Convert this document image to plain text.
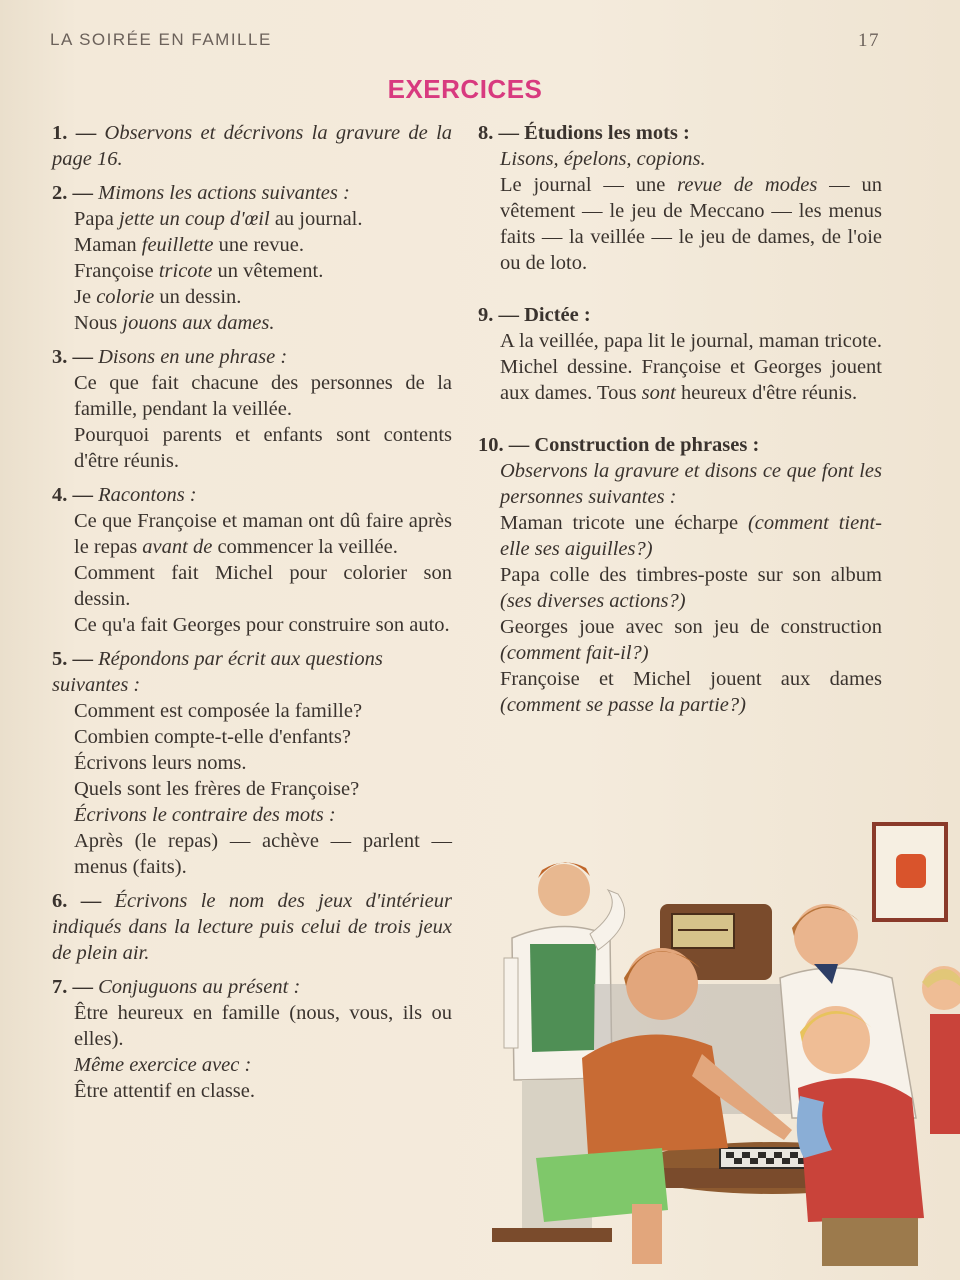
LA SOIRÉE EN FAMILLE	17
EXERCICES

1. — Observons et décrivons la gravure de la page 16.

2. — Mimons les actions suivantes :

Papa jette un coup d'œil au journal.

Maman feuillette une revue.

Françoise tricote un vêtement.

Je colorie un dessin.

Nous jouons aux dames.

3. — Disons en une phrase :

Ce que fait chacune des personnes de la famille, pendant la veillée.

Pourquoi parents et enfants sont contents d'être réunis.

4. — Racontons :

Ce que Françoise et maman ont dû faire après le repas avant de commencer la veillée.

Comment fait Michel pour colorier son dessin.

Ce qu'a fait Georges pour construire son auto.

5. — Répondons par écrit aux questions suivantes :

Comment est composée la famille?

Combien compte-t-elle d'enfants?

Écrivons leurs noms.

Quels sont les frères de Françoise?

Écrivons le contraire des mots :

Après (le repas) — achève — parlent — menus (faits).

6. — Écrivons le nom des jeux d'intérieur indiqués dans la lecture puis celui de trois jeux de plein air.

7. — Conjuguons au présent :

Être heureux en famille (nous, vous, ils ou elles).

Même exercice avec :

Être attentif en classe.

8. — Étudions les mots :

Lisons, épelons, copions.

Le journal — une revue de modes — un vêtement — le jeu de Meccano — les menus faits — la veillée — le jeu de dames, de l'oie ou de loto.

9. — Dictée :

A la veillée, papa lit le journal, maman tricote. Michel dessine. Françoise et Georges jouent aux dames. Tous sont heureux d'être réunis.

10. — Construction de phrases :

Observons la gravure et disons ce que font les personnes suivantes :

Maman tricote une écharpe (comment tient-elle ses aiguilles?)

Papa colle des timbres-poste sur son album (ses diverses actions?)

Georges joue avec son jeu de construction (comment fait-il?)

Françoise et Michel jouent aux dames (comment se passe la partie?)
